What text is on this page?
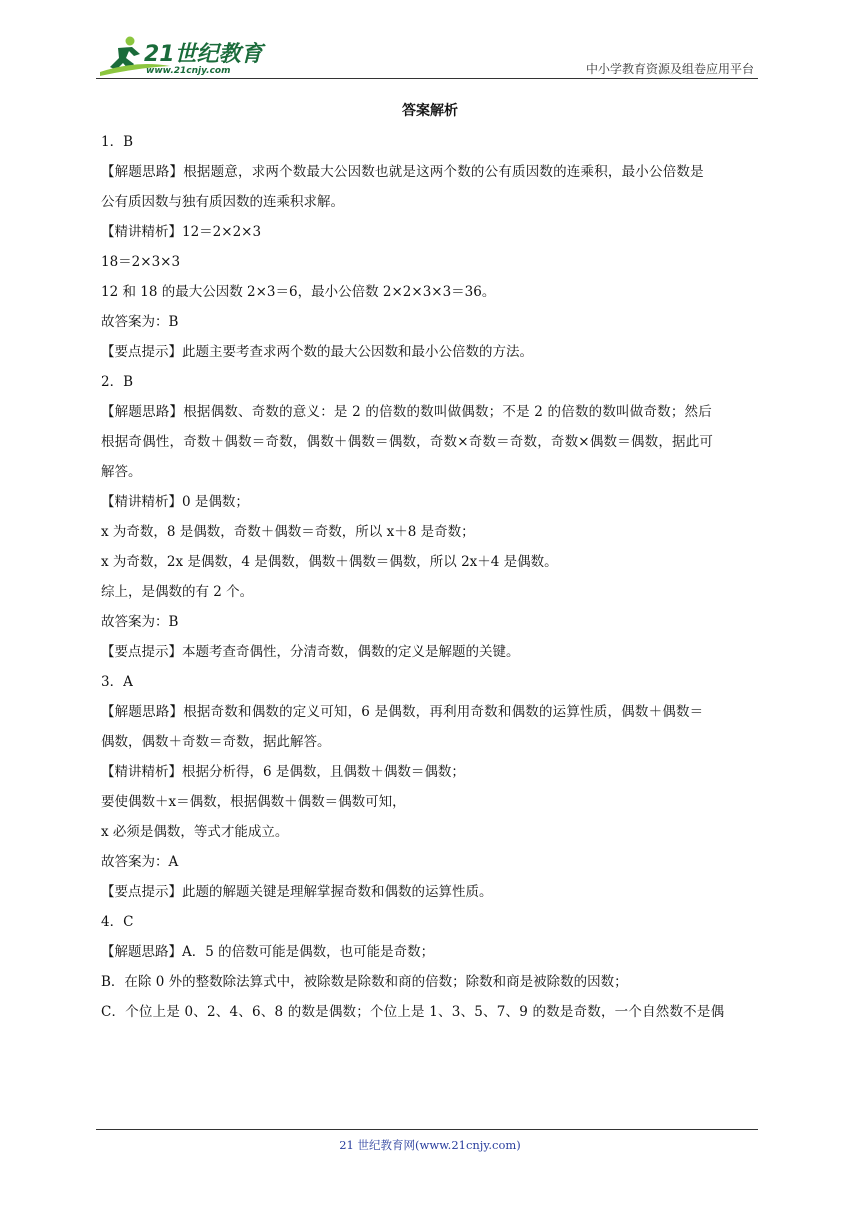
21世纪教育
www.21cnjy.com	中小学教育资源及组卷应用平台
答案解析
1．B
【解题思路】根据题意，求两个数最大公因数也就是这两个数的公有质因数的连乘积，最小公倍数是
公有质因数与独有质因数的连乘积求解。
【精讲精析】12＝2×2×3
18＝2×3×3
12 和 18 的最大公因数 2×3＝6，最小公倍数 2×2×3×3＝36。
故答案为：B
【要点提示】此题主要考查求两个数的最大公因数和最小公倍数的方法。
2．B
【解题思路】根据偶数、奇数的意义：是 2 的倍数的数叫做偶数；不是 2 的倍数的数叫做奇数；然后
根据奇偶性，奇数＋偶数＝奇数，偶数＋偶数＝偶数，奇数×奇数＝奇数，奇数×偶数＝偶数，据此可
解答。
【精讲精析】0 是偶数；
x 为奇数，8 是偶数，奇数＋偶数＝奇数，所以 x＋8 是奇数；
x 为奇数，2x 是偶数，4 是偶数，偶数＋偶数＝偶数，所以 2x＋4 是偶数。
综上，是偶数的有 2 个。
故答案为：B
【要点提示】本题考查奇偶性，分清奇数，偶数的定义是解题的关键。
3．A
【解题思路】根据奇数和偶数的定义可知，6 是偶数，再利用奇数和偶数的运算性质，偶数＋偶数＝
偶数，偶数＋奇数＝奇数，据此解答。
【精讲精析】根据分析得，6 是偶数，且偶数＋偶数＝偶数；
要使偶数＋x＝偶数，根据偶数＋偶数＝偶数可知，
x 必须是偶数，等式才能成立。
故答案为：A
【要点提示】此题的解题关键是理解掌握奇数和偶数的运算性质。
4．C
【解题思路】A．5 的倍数可能是偶数，也可能是奇数；
B．在除 0 外的整数除法算式中，被除数是除数和商的倍数；除数和商是被除数的因数；
C．个位上是 0、2、4、6、8 的数是偶数；个位上是 1、3、5、7、9 的数是奇数，一个自然数不是偶
21 世纪教育网(www.21cnjy.com)
